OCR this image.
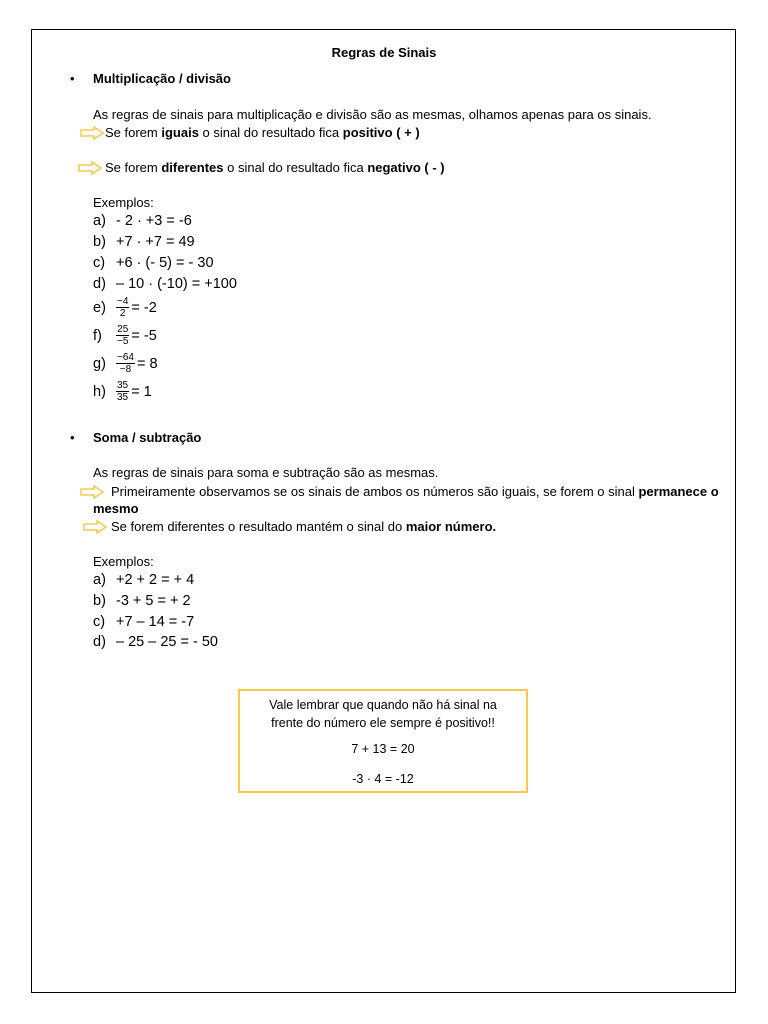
Regras de Sinais
• Multiplicação / divisão
As regras de sinais para multiplicação e divisão são as mesmas, olhamos apenas para os sinais.
Se forem iguais o sinal do resultado fica positivo ( + )
Se forem diferentes o sinal do resultado fica negativo ( - )
Exemplos:
a) - 2 · +3 = -6
b) +7 · +7 = 49
c) +6 · (- 5) = - 30
d) – 10 · (-10) = +100
e)	$\frac{-4}{2} = -2$
f)	$\frac{25}{-5} = -5$
g)	$\frac{-64}{-8} = 8$
h)	$\frac{35}{35} = 1$
• Soma / subtração
As regras de sinais para soma e subtração são as mesmas.
Primeiramente observamos se os sinais de ambos os números são iguais, se forem o sinal permanece o
mesmo
Se forem diferentes o resultado mantém o sinal do maior número.
Exemplos:
a) +2 + 2 = + 4
b) -3 + 5 = + 2
c) +7 – 14 = -7
d) – 25 – 25 = - 50
Vale lembrar que quando não há sinal na
frente do número ele sempre é positivo!!
7 + 13 = 20
-3 · 4 = -12
